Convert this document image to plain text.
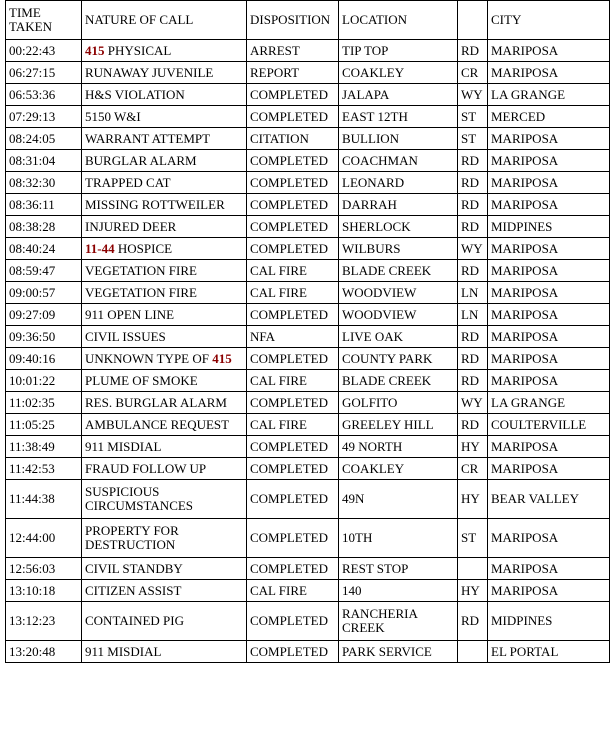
TIME
TAKEN	NATURE OF CALL	DISPOSITION	LOCATION		CITY
00:22:43	415 PHYSICAL	ARREST	TIP TOP	RD	MARIPOSA
06:27:15	RUNAWAY JUVENILE	REPORT	COAKLEY	CR	MARIPOSA
06:53:36	H&S VIOLATION	COMPLETED	JALAPA	WY	LA GRANGE
07:29:13	5150 W&I	COMPLETED	EAST 12TH	ST	MERCED
08:24:05	WARRANT ATTEMPT	CITATION	BULLION	ST	MARIPOSA
08:31:04	BURGLAR ALARM	COMPLETED	COACHMAN	RD	MARIPOSA
08:32:30	TRAPPED CAT	COMPLETED	LEONARD	RD	MARIPOSA
08:36:11	MISSING ROTTWEILER	COMPLETED	DARRAH	RD	MARIPOSA
08:38:28	INJURED DEER	COMPLETED	SHERLOCK	RD	MIDPINES
08:40:24	11-44 HOSPICE	COMPLETED	WILBURS	WY	MARIPOSA
08:59:47	VEGETATION FIRE	CAL FIRE	BLADE CREEK	RD	MARIPOSA
09:00:57	VEGETATION FIRE	CAL FIRE	WOODVIEW	LN	MARIPOSA
09:27:09	911 OPEN LINE	COMPLETED	WOODVIEW	LN	MARIPOSA
09:36:50	CIVIL ISSUES	NFA	LIVE OAK	RD	MARIPOSA
09:40:16	UNKNOWN TYPE OF 415	COMPLETED	COUNTY PARK	RD	MARIPOSA
10:01:22	PLUME OF SMOKE	CAL FIRE	BLADE CREEK	RD	MARIPOSA
11:02:35	RES. BURGLAR ALARM	COMPLETED	GOLFITO	WY	LA GRANGE
11:05:25	AMBULANCE REQUEST	CAL FIRE	GREELEY HILL	RD	COULTERVILLE
11:38:49	911 MISDIAL	COMPLETED	49 NORTH	HY	MARIPOSA
11:42:53	FRAUD FOLLOW UP	COMPLETED	COAKLEY	CR	MARIPOSA
11:44:38	SUSPICIOUS
CIRCUMSTANCES	COMPLETED	49N	HY	BEAR VALLEY
12:44:00	PROPERTY FOR
DESTRUCTION	COMPLETED	10TH	ST	MARIPOSA
12:56:03	CIVIL STANDBY	COMPLETED	REST STOP		MARIPOSA
13:10:18	CITIZEN ASSIST	CAL FIRE	140	HY	MARIPOSA
13:12:23	CONTAINED PIG	COMPLETED	RANCHERIA
CREEK	RD	MIDPINES
13:20:48	911 MISDIAL	COMPLETED	PARK SERVICE		EL PORTAL
